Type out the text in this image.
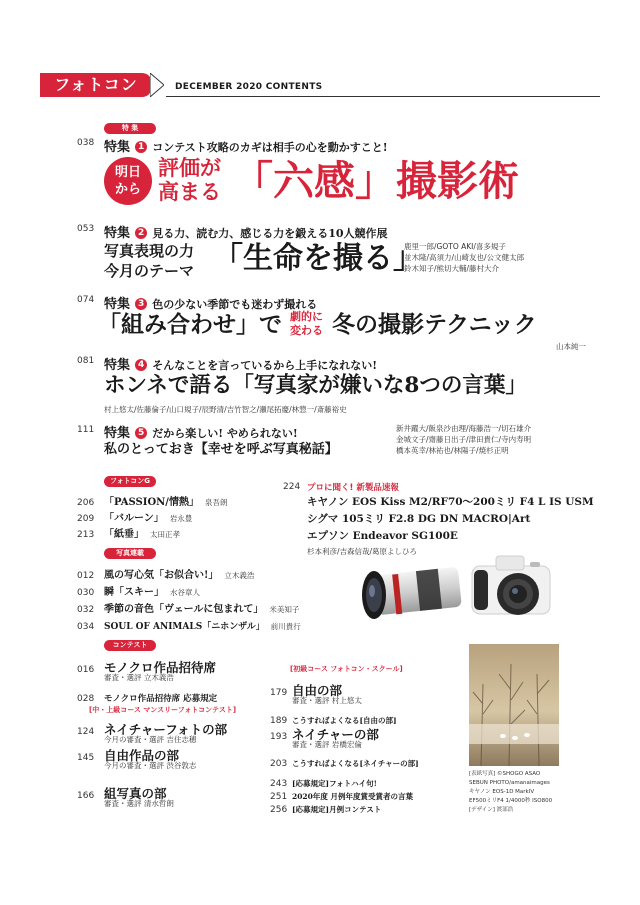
フォトコン	DECEMBER 2020 CONTENTS
特 集
038 特集 1 コンテスト攻略のカギは相手の心を動かすこと!
明日
から
評価が
高まる 「六感」撮影術
053 特集 2 見る力、読む力、感じる力を鍛える10人競作展
写真表現の力
今月のテーマ 「生命を撮る」
鹿里一郎/GOTO AKI/喜多規子
並木隆/高須力/山崎友也/公文健太郎
鈴木知子/熊切大輔/藤村大介
074 特集 3 色の少ない季節でも迷わず撮れる
「組み合わせ」で 劇的に
変わる 冬の撮影テクニック
山本純一
081 特集 4 そんなことを言っているから上手になれない!
ホンネで語る「写真家が嫌いな8つの言葉」
村上悠太/佐藤倫子/山口規子/辰野清/吉竹智之/瀬尾拓慶/林惣一/斎藤裕史
111 特集 5 だから楽しい! やめられない!
私のとっておき【幸せを呼ぶ写真秘話】
新井躍大/飯泉沙由理/海藤浩一/切石雄介
金城文子/齋藤日出子/津田貴仁/寺内寿明
橋本英幸/林祐也/林陽子/焼杉正明
フォトコンG
206 「PASSION/情熱」 泉吾朗
209 「バルーン」 岩永豊
213 「紙垂」 太田正孝
写真連載
012 風の写心気「お似合い!」 立木義浩
030 瞬「スキー」 水谷章人
032 季節の音色「ヴェールに包まれて」 米美知子
034 SOUL OF ANIMALS「ニホンザル」 前川貴行
224 プロに聞く! 新製品速報
キヤノン EOS Kiss M2/RF70〜200ミリ F4 L IS USM
シグマ 105ミリ F2.8 DG DN MACRO|Art
エプソン Endeavor SG100E
杉本利彦/吉森信哉/葛原よしひろ
コンテスト
016 モノクロ作品招待席
審査・選評 立木義浩
028 モノクロ作品招待席 応募規定
[中・上級コース マンスリーフォトコンテスト]
124 ネイチャーフォトの部
今月の審査・選評 吉住志穂
145 自由作品の部
今月の審査・選評 渋谷敦志
166 組写真の部
審査・選評 清水哲朗
[初級コース フォトコン・スクール]
179 自由の部
審査・選評 村上悠太
189 こうすればよくなる[自由の部]
193 ネイチャーの部
審査・選評 岩橋宏倫
203 こうすればよくなる[ネイチャーの部]
243 [応募規定]フォトハイ句!
251 2020年度 月例年度賞受賞者の言葉
256 [応募規定]月例コンテスト
[表紙写真] ©SHOGO ASAO
SEBUN PHOTO/amanaimages
キヤノン EOS-1D MarkIV
EF500ミリF4 1/4000秒 ISO800
[デザイン] 渡部浩
